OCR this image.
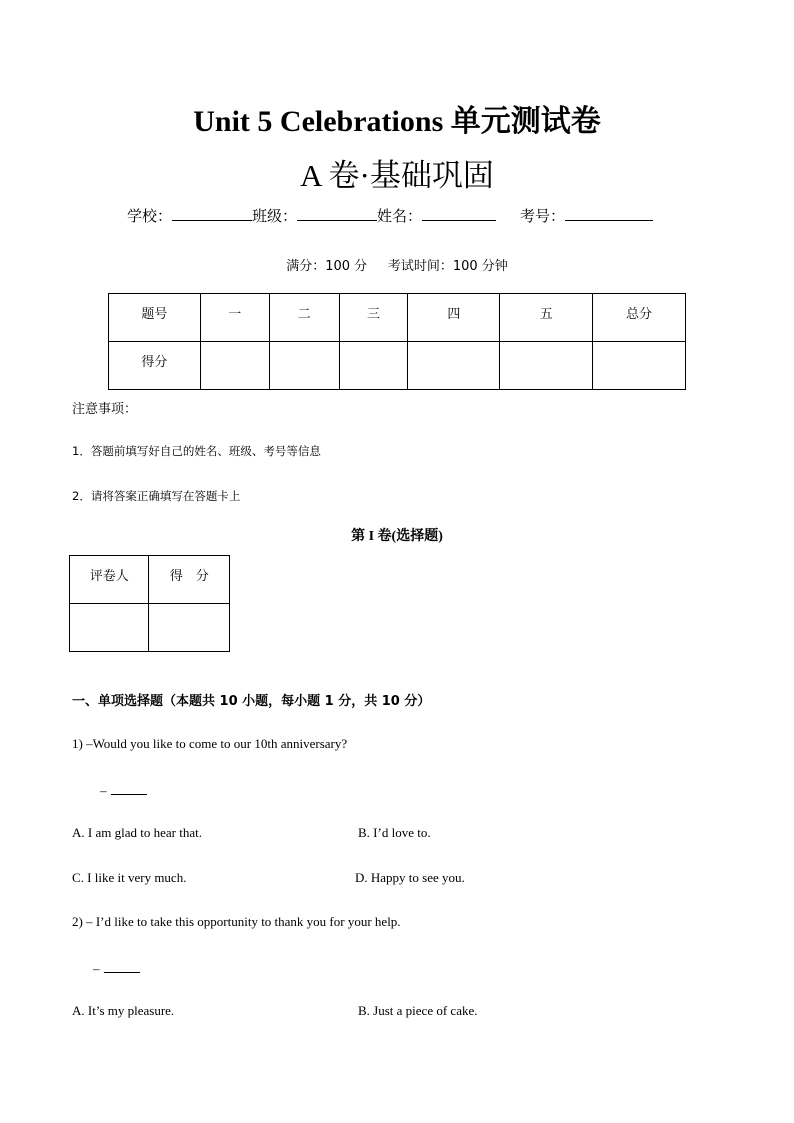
Unit 5 Celebrations 单元测试卷
A 卷·基础巩固
学校：	班级：	姓名：	考号：
满分：100 分     考试时间：100 分钟
题号	一	二	三	四	五	总分
得分						
注意事项：
1．答题前填写好自己的姓名、班级、考号等信息
2．请将答案正确填写在答题卡上
第 I 卷(选择题)
评卷人	得　分

一、单项选择题（本题共 10 小题，每小题 1 分，共 10 分）
1) –Would you like to come to our 10th anniversary?
–
A. I am glad to hear that.	B. I’d love to.
C. I like it very much.	D. Happy to see you.
2) – I’d like to take this opportunity to thank you for your help.
–
A. It’s my pleasure.	B. Just a piece of cake.
